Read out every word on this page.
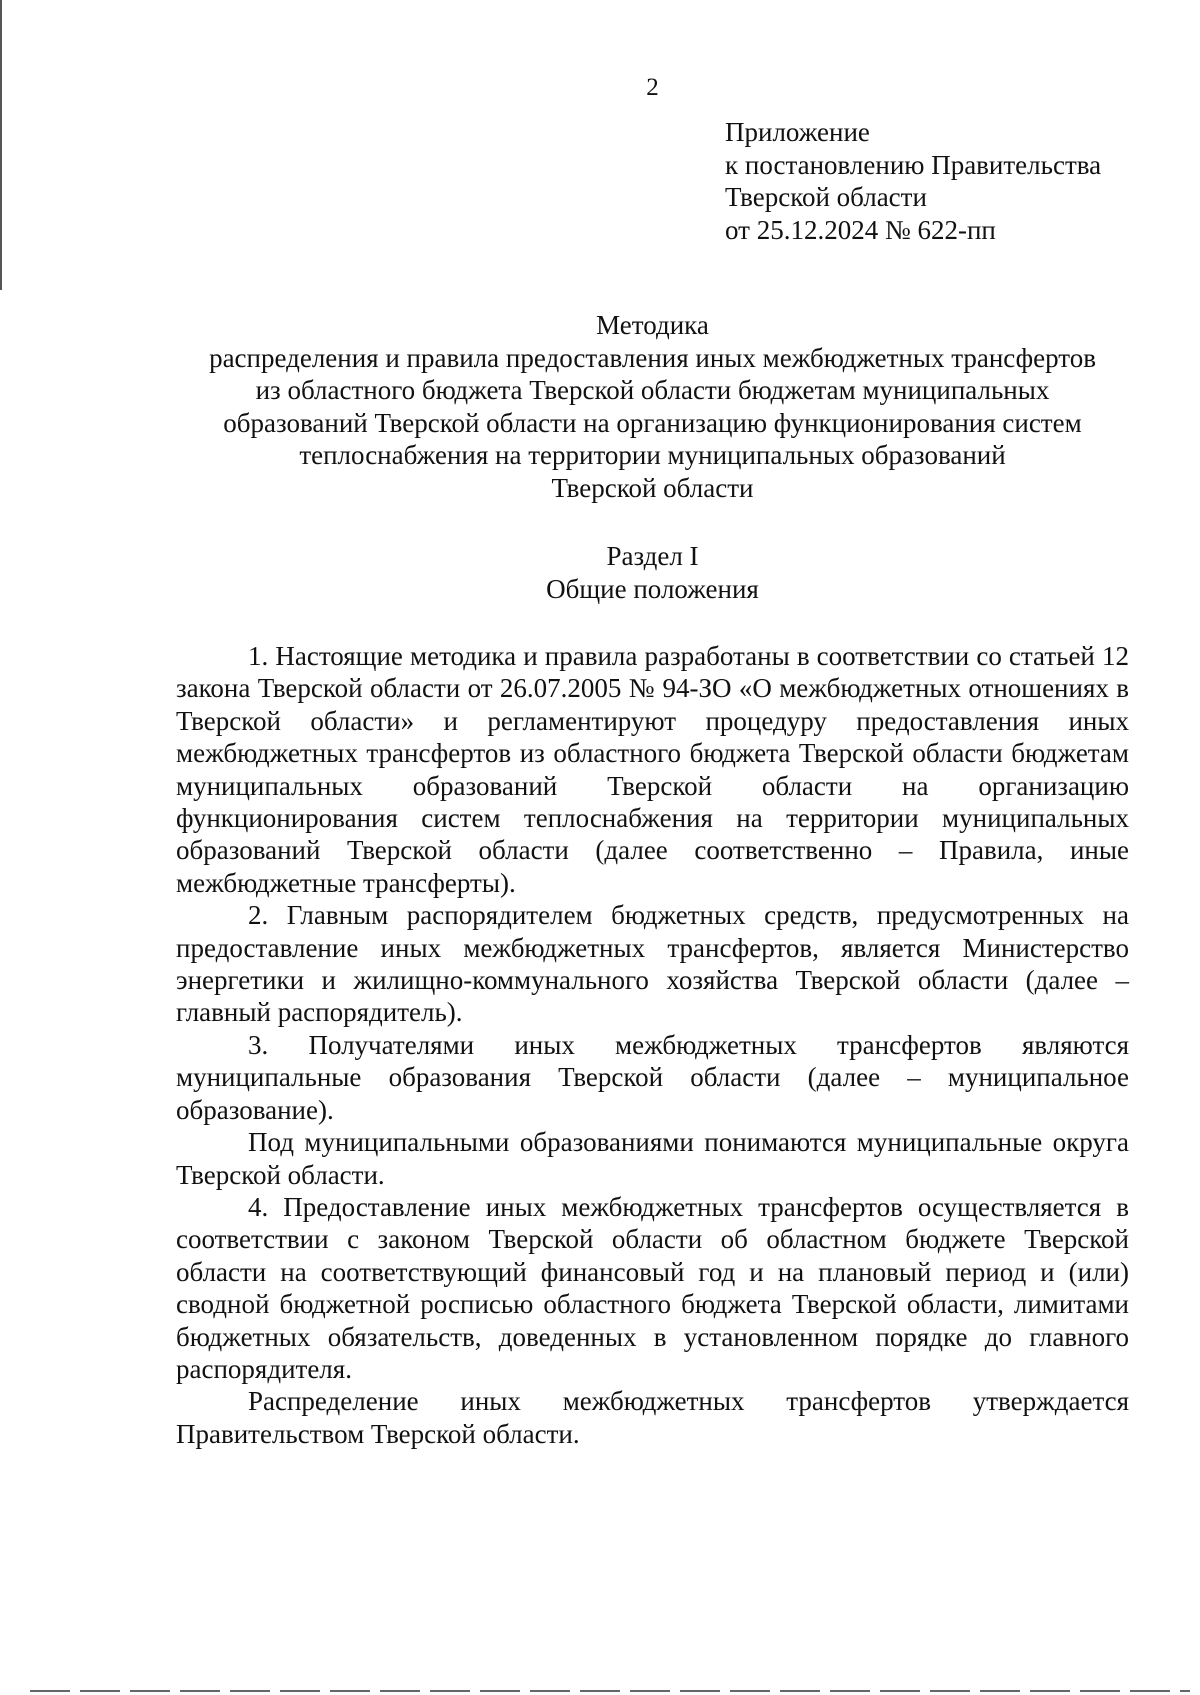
2
Приложение
к постановлению Правительства
Тверской области
от 25.12.2024 № 622-пп
Методика
распределения и правила предоставления иных межбюджетных трансфертов
из областного бюджета Тверской области бюджетам муниципальных
образований Тверской области на организацию функционирования систем
теплоснабжения на территории муниципальных образований
Тверской области
Раздел I
Общие положения

1. Настоящие методика и правила разработаны в соответствии со статьей 12 закона Тверской области от 26.07.2005 № 94-ЗО «О межбюджетных отношениях в Тверской области» и регламентируют процедуру предоставления иных межбюджетных трансфертов из областного бюджета Тверской области бюджетам муниципальных образований Тверской области на организацию функционирования систем теплоснабжения на территории муниципальных образований Тверской области (далее соответственно – Правила, иные межбюджетные трансферты).

2. Главным распорядителем бюджетных средств, предусмотренных на предоставление иных межбюджетных трансфертов, является Министерство энергетики и жилищно-коммунального хозяйства Тверской области (далее – главный распорядитель).

3. Получателями иных межбюджетных трансфертов являются муниципальные образования Тверской области (далее – муниципальное образование).

Под муниципальными образованиями понимаются муниципальные округа Тверской области.

4. Предоставление иных межбюджетных трансфертов осуществляется в соответствии с законом Тверской области об областном бюджете Тверской области на соответствующий финансовый год и на плановый период и (или) сводной бюджетной росписью областного бюджета Тверской области, лимитами бюджетных обязательств, доведенных в установленном порядке до главного распорядителя.

Распределение иных межбюджетных трансфертов утверждается Правительством Тверской области.
